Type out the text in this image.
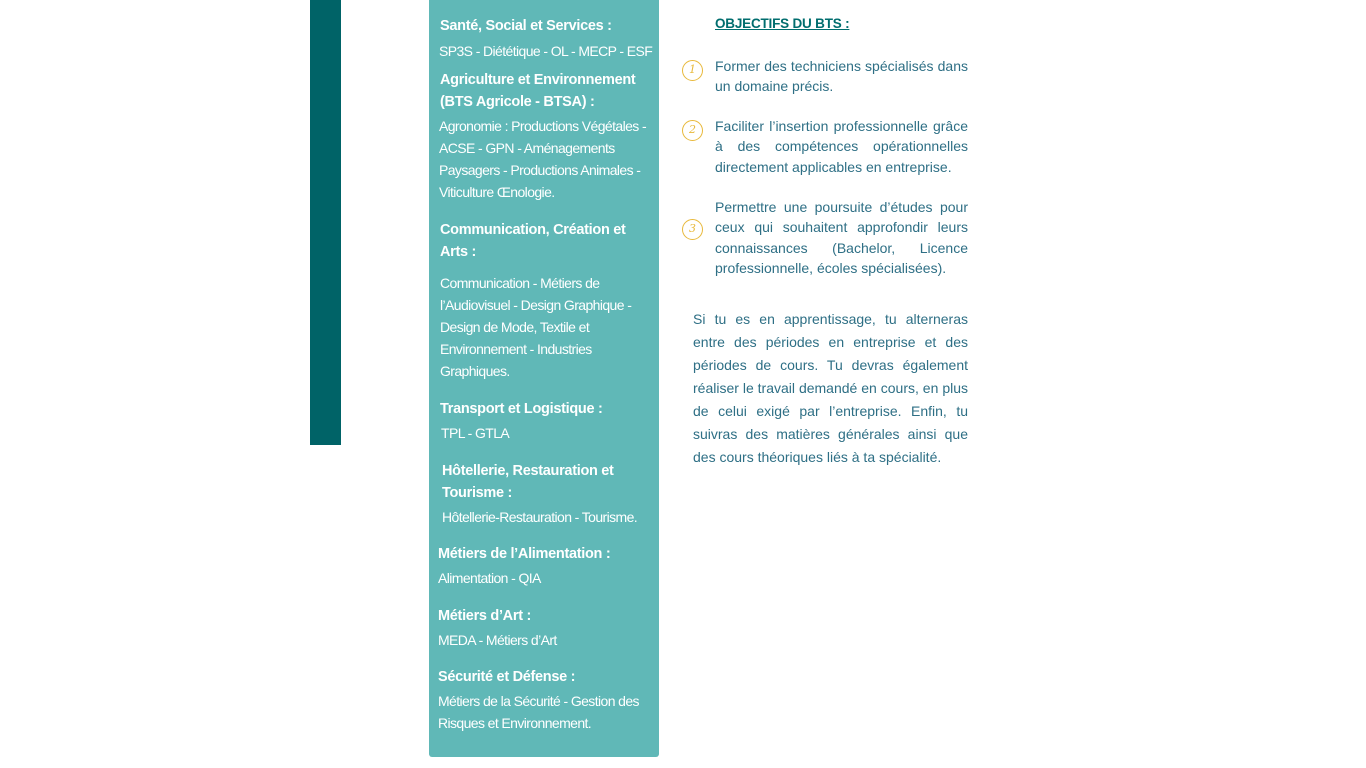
Santé, Social et Services :
SP3S - Diététique - OL - MECP - ESF
Agriculture et Environnement (BTS Agricole - BTSA) :
Agronomie : Productions Végétales - ACSE - GPN - Aménagements Paysagers - Productions Animales - Viticulture Œnologie.
Communication, Création et Arts :
Communication - Métiers de l’Audiovisuel - Design Graphique - Design de Mode, Textile et Environnement - Industries Graphiques.
Transport et Logistique :
TPL - GTLA
Hôtellerie, Restauration et Tourisme :
Hôtellerie-Restauration - Tourisme.
Métiers de l’Alimentation :
Alimentation - QIA
Métiers d’Art :
MEDA - Métiers d’Art
Sécurité et Défense :
Métiers de la Sécurité - Gestion des Risques et Environnement.
OBJECTIFS DU BTS :
1	Former des techniciens spécialisés dans un domaine précis.
2	Faciliter l’insertion professionnelle grâce à des compétences opérationnelles directement applicables en entreprise.
3
Permettre une poursuite d’études pour ceux qui souhaitent approfondir leurs connaissances (Bachelor, Licence professionnelle, écoles spécialisées).
Si tu es en apprentissage, tu alterneras entre des périodes en entreprise et des périodes de cours. Tu devras également réaliser le travail demandé en cours, en plus de celui exigé par l’entreprise. Enfin, tu suivras des matières générales ainsi que des cours théoriques liés à ta spécialité.
